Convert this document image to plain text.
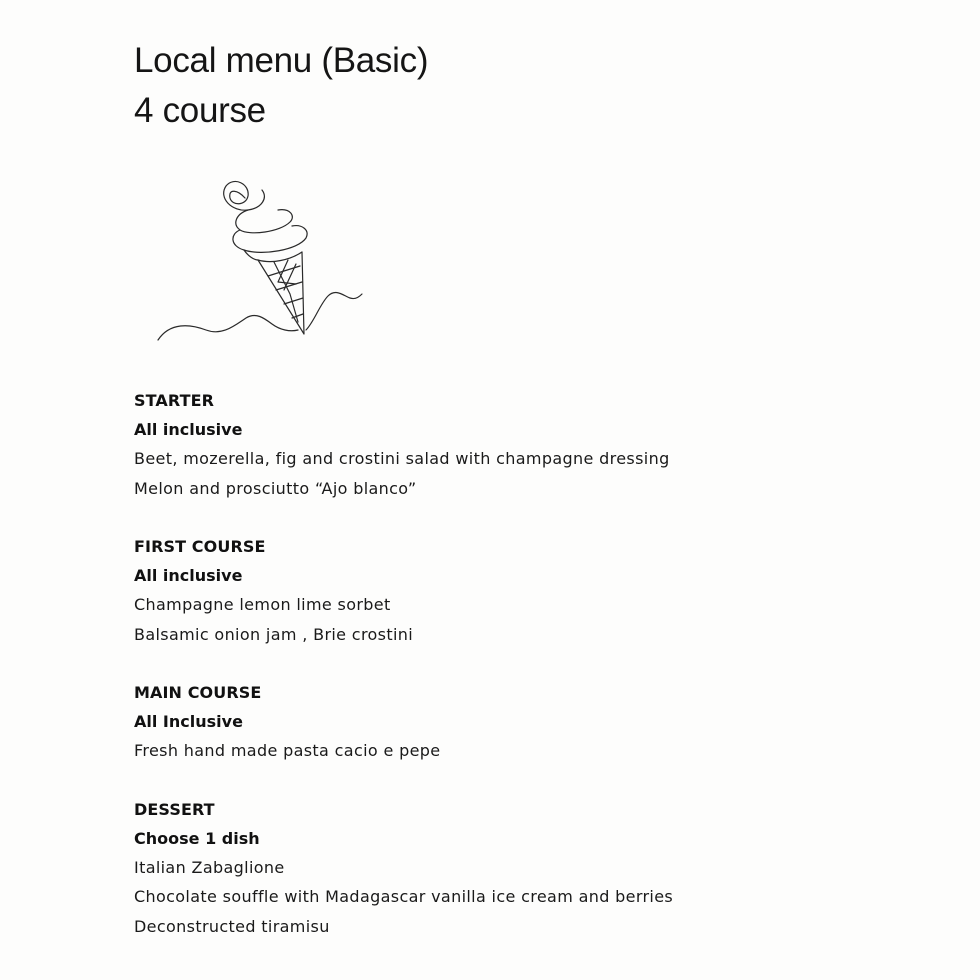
Local menu (Basic)
4 course
STARTER
All inclusive
Beet, mozerella, fig and crostini salad with champagne dressing
Melon and prosciutto “Ajo blanco”
FIRST COURSE
All inclusive
Champagne lemon lime sorbet
Balsamic onion jam , Brie crostini
MAIN COURSE
All Inclusive
Fresh hand made pasta cacio e pepe
DESSERT
Choose 1 dish
Italian Zabaglione
Chocolate souffle with Madagascar vanilla ice cream and berries
Deconstructed tiramisu
